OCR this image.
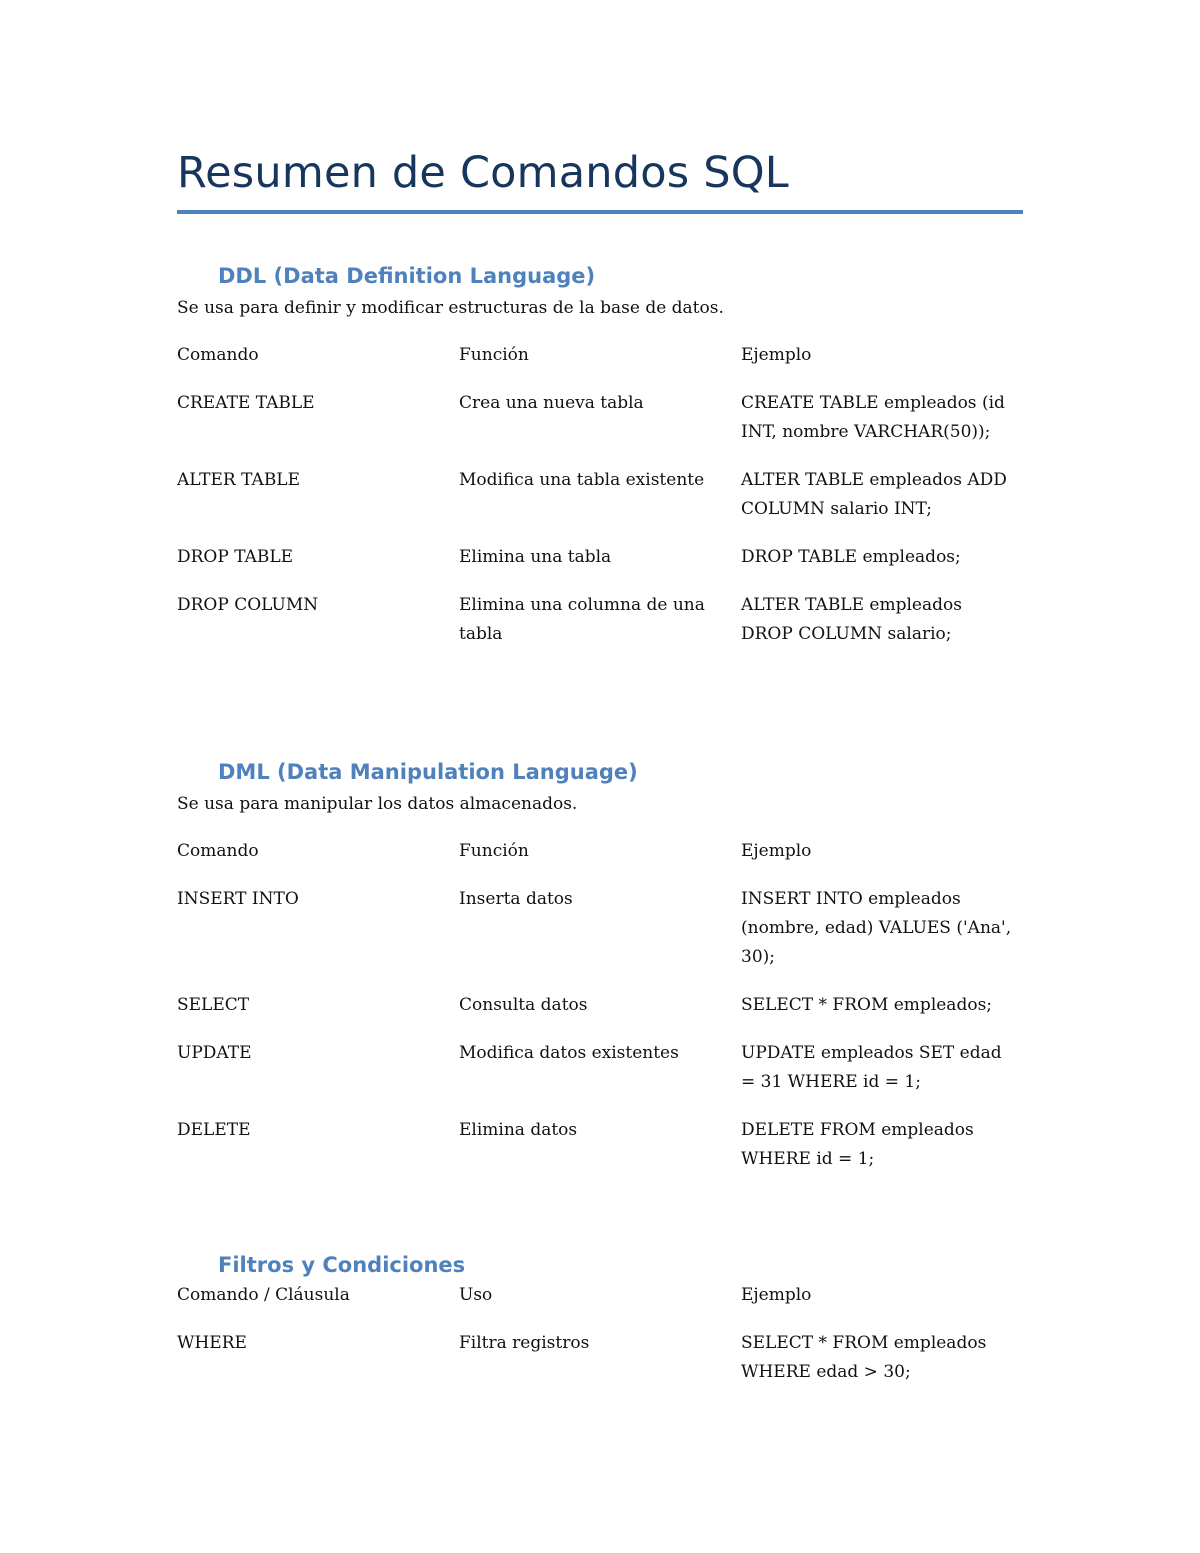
Resumen de Comandos SQL
DDL (Data Definition Language)

Se usa para definir y modificar estructuras de la base de datos.

Comando	Función	Ejemplo
CREATE TABLE	Crea una nueva tabla	CREATE TABLE empleados (id INT, nombre VARCHAR(50));
ALTER TABLE	Modifica una tabla existente	ALTER TABLE empleados ADD COLUMN salario INT;
DROP TABLE	Elimina una tabla	DROP TABLE empleados;
DROP COLUMN	Elimina una columna de una tabla	ALTER TABLE empleados DROP COLUMN salario;
DML (Data Manipulation Language)

Se usa para manipular los datos almacenados.

Comando	Función	Ejemplo
INSERT INTO	Inserta datos	INSERT INTO empleados (nombre, edad) VALUES ('Ana', 30);
SELECT	Consulta datos	SELECT * FROM empleados;
UPDATE	Modifica datos existentes	UPDATE empleados SET edad = 31 WHERE id = 1;
DELETE	Elimina datos	DELETE FROM empleados WHERE id = 1;
Filtros y Condiciones
Comando / Cláusula	Uso	Ejemplo
WHERE	Filtra registros	SELECT * FROM empleados WHERE edad > 30;
